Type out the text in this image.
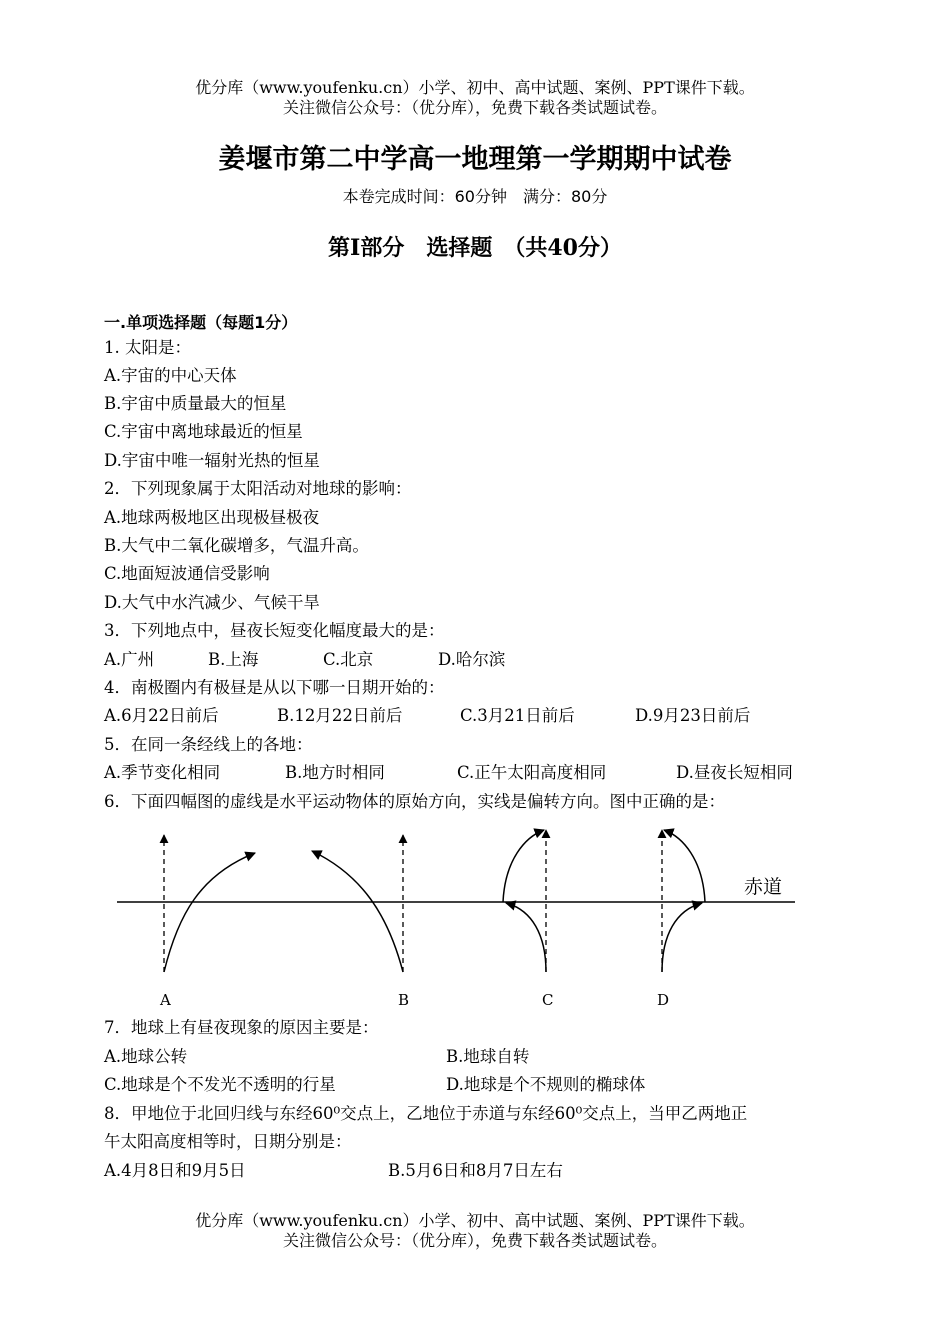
优分库（www.youfenku.cn）小学、初中、高中试题、案例、PPT课件下载。
关注微信公众号：（优分库），免费下载各类试题试卷。
姜堰市第二中学高一地理第一学期期中试卷
本卷完成时间：60分钟　满分：80分
第I部分　选择题　（共40分）
一.单项选择题（每题1分）
1. 太阳是：
A.宇宙的中心天体
B.宇宙中质量最大的恒星
C.宇宙中离地球最近的恒星
D.宇宙中唯一辐射光热的恒星
2．下列现象属于太阳活动对地球的影响：
A.地球两极地区出现极昼极夜
B.大气中二氧化碳增多，气温升高。
C.地面短波通信受影响
D.大气中水汽减少、气候干旱
3．下列地点中，昼夜长短变化幅度最大的是：
A.广州	B.上海	C.北京	D.哈尔滨
4．南极圈内有极昼是从以下哪一日期开始的：
A.6月22日前后	B.12月22日前后	C.3月21日前后	D.9月23日前后
5．在同一条经线上的各地：
A.季节变化相同	B.地方时相同	C.正午太阳高度相同	D.昼夜长短相同
6．下面四幅图的虚线是水平运动物体的原始方向，实线是偏转方向。图中正确的是：
赤道
A	B	C	D
7．地球上有昼夜现象的原因主要是：
A.地球公转	B.地球自转
C.地球是个不发光不透明的行星	D.地球是个不规则的椭球体
8．甲地位于北回归线与东经60⁰交点上，乙地位于赤道与东经60⁰交点上，当甲乙两地正
午太阳高度相等时，日期分别是：
A.4月8日和9月5日	B.5月6日和8月7日左右
优分库（www.youfenku.cn）小学、初中、高中试题、案例、PPT课件下载。
关注微信公众号：（优分库），免费下载各类试题试卷。
